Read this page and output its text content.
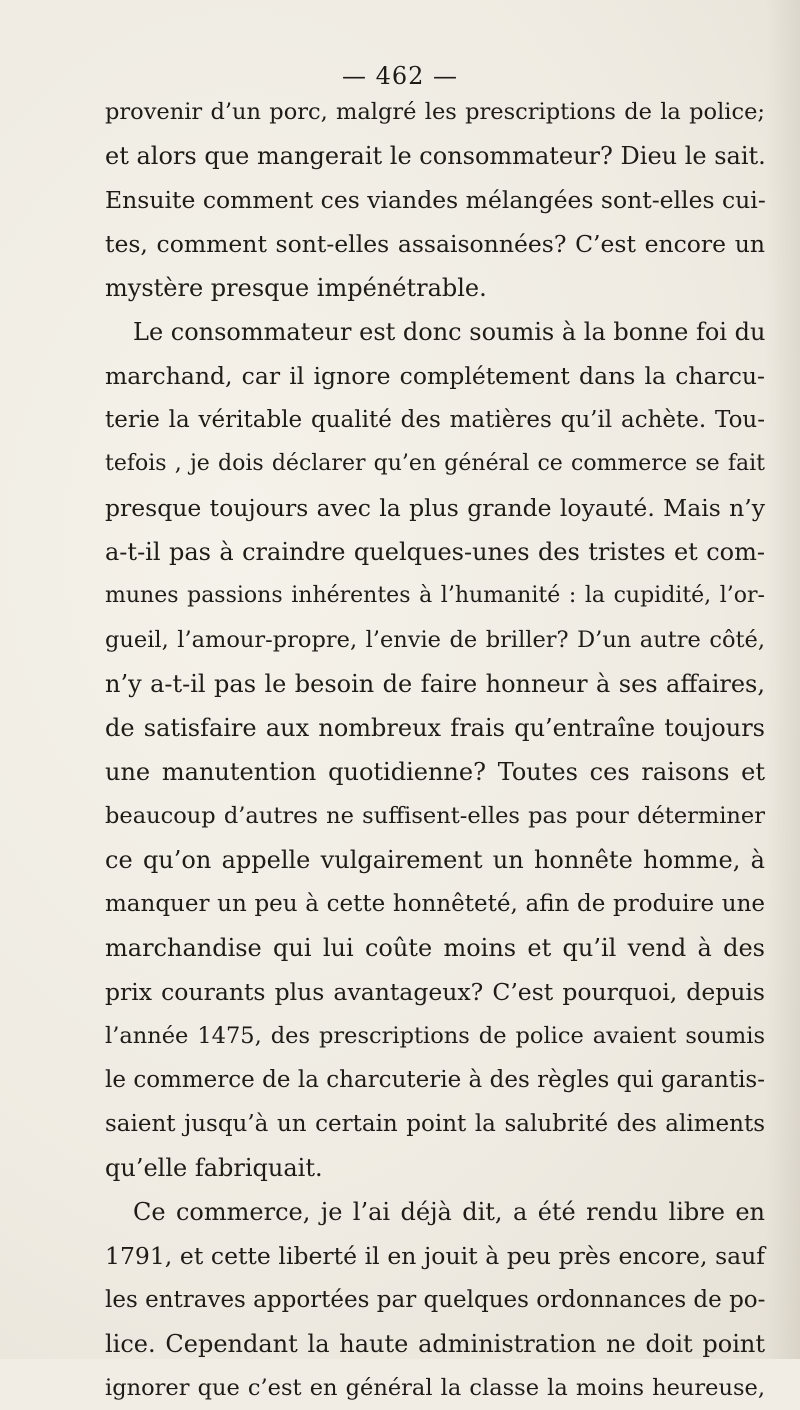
— 462 —
provenir d’un porc, malgré les prescriptions de la police;
et alors que mangerait le consommateur? Dieu le sait.
Ensuite comment ces viandes mélangées sont-elles cui-
tes, comment sont-elles assaisonnées? C’est encore un
mystère presque impénétrable.
Le consommateur est donc soumis à la bonne foi du
marchand, car il ignore complétement dans la charcu-
terie la véritable qualité des matières qu’il achète. Tou-
tefois , je dois déclarer qu’en général ce commerce se fait
presque toujours avec la plus grande loyauté. Mais n’y
a-t-il pas à craindre quelques-unes des tristes et com-
munes passions inhérentes à l’humanité : la cupidité, l’or-
gueil, l’amour-propre, l’envie de briller? D’un autre côté,
n’y a-t-il pas le besoin de faire honneur à ses affaires,
de satisfaire aux nombreux frais qu’entraîne toujours
une manutention quotidienne? Toutes ces raisons et
beaucoup d’autres ne suffisent-elles pas pour déterminer
ce qu’on appelle vulgairement un honnête homme, à
manquer un peu à cette honnêteté, afin de produire une
marchandise qui lui coûte moins et qu’il vend à des
prix courants plus avantageux? C’est pourquoi, depuis
l’année 1475, des prescriptions de police avaient soumis
le commerce de la charcuterie à des règles qui garantis-
saient jusqu’à un certain point la salubrité des aliments
qu’elle fabriquait.
Ce commerce, je l’ai déjà dit, a été rendu libre en
1791, et cette liberté il en jouit à peu près encore, sauf
les entraves apportées par quelques ordonnances de po-
lice. Cependant la haute administration ne doit point
ignorer que c’est en général la classe la moins heureuse,
